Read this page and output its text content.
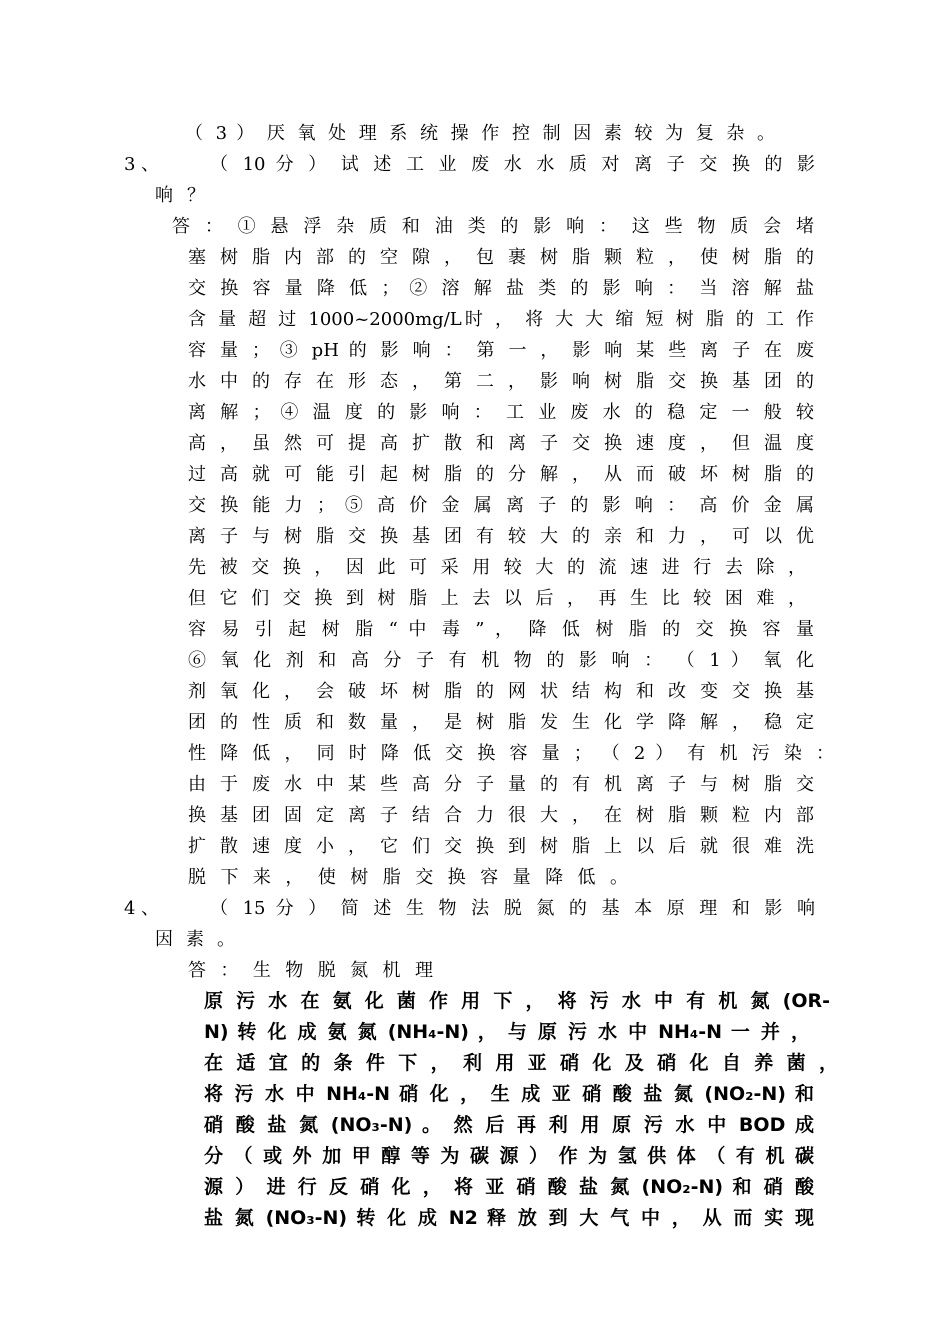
（ 3 ） 厌 氧 处 理 系 统 操 作 控 制 因 素 较 为 复 杂 。
3 、	（ 10 分 ） 试 述 工 业 废 水 水 质 对 离 子 交 换 的 影
响 ？
答 ： ① 悬 浮 杂 质 和 油 类 的 影 响 ： 这 些 物 质 会 堵
塞 树 脂 内 部 的 空 隙 ， 包 裹 树 脂 颗 粒 ， 使 树 脂 的
交 换 容 量 降 低 ； ② 溶 解 盐 类 的 影 响 ： 当 溶 解 盐
含 量 超 过 1000~2000mg/L时 ， 将 大 大 缩 短 树 脂 的 工 作
容 量 ； ③ pH 的 影 响 ： 第 一 ， 影 响 某 些 离 子 在 废
水 中 的 存 在 形 态 ， 第 二 ， 影 响 树 脂 交 换 基 团 的
离 解 ； ④ 温 度 的 影 响 ： 工 业 废 水 的 稳 定 一 般 较
高 ， 虽 然 可 提 高 扩 散 和 离 子 交 换 速 度 ， 但 温 度
过 高 就 可 能 引 起 树 脂 的 分 解 ， 从 而 破 坏 树 脂 的
交 换 能 力 ； ⑤ 高 价 金 属 离 子 的 影 响 ： 高 价 金 属
离 子 与 树 脂 交 换 基 团 有 较 大 的 亲 和 力 ， 可 以 优
先 被 交 换 ， 因 此 可 采 用 较 大 的 流 速 进 行 去 除 ，
但 它 们 交 换 到 树 脂 上 去 以 后 ， 再 生 比 较 困 难 ，
容 易 引 起 树 脂 “ 中 毒 ” ， 降 低 树 脂 的 交 换 容 量
⑥ 氧 化 剂 和 高 分 子 有 机 物 的 影 响 ： （ 1 ） 氧 化
剂 氧 化 ， 会 破 坏 树 脂 的 网 状 结 构 和 改 变 交 换 基
团 的 性 质 和 数 量 ， 是 树 脂 发 生 化 学 降 解 ， 稳 定
性 降 低 ， 同 时 降 低 交 换 容 量 ； （ 2 ） 有 机 污 染 ：
由 于 废 水 中 某 些 高 分 子 量 的 有 机 离 子 与 树 脂 交
换 基 团 固 定 离 子 结 合 力 很 大 ， 在 树 脂 颗 粒 内 部
扩 散 速 度 小 ， 它 们 交 换 到 树 脂 上 以 后 就 很 难 洗
脱 下 来 ， 使 树 脂 交 换 容 量 降 低 。
4 、	（ 15 分 ） 简 述 生 物 法 脱 氮 的 基 本 原 理 和 影 响
因 素 。
答 ： 生 物 脱 氮 机 理
原 污 水 在 氨 化 菌 作 用 下 ， 将 污 水 中 有 机 氮 (OR-
N) 转 化 成 氨 氮 (NH₄-N) ， 与 原 污 水 中 NH₄-N 一 并 ，
在 适 宜 的 条 件 下 ， 利 用 亚 硝 化 及 硝 化 自 养 菌 ，
将 污 水 中 NH₄-N 硝 化 ， 生 成 亚 硝 酸 盐 氮 (NO₂-N) 和
硝 酸 盐 氮 (NO₃-N) 。 然 后 再 利 用 原 污 水 中 BOD 成
分 （ 或 外 加 甲 醇 等 为 碳 源 ） 作 为 氢 供 体 （ 有 机 碳
源 ） 进 行 反 硝 化 ， 将 亚 硝 酸 盐 氮 (NO₂-N) 和 硝 酸
盐 氮 (NO₃-N) 转 化 成 N2 释 放 到 大 气 中 ， 从 而 实 现
